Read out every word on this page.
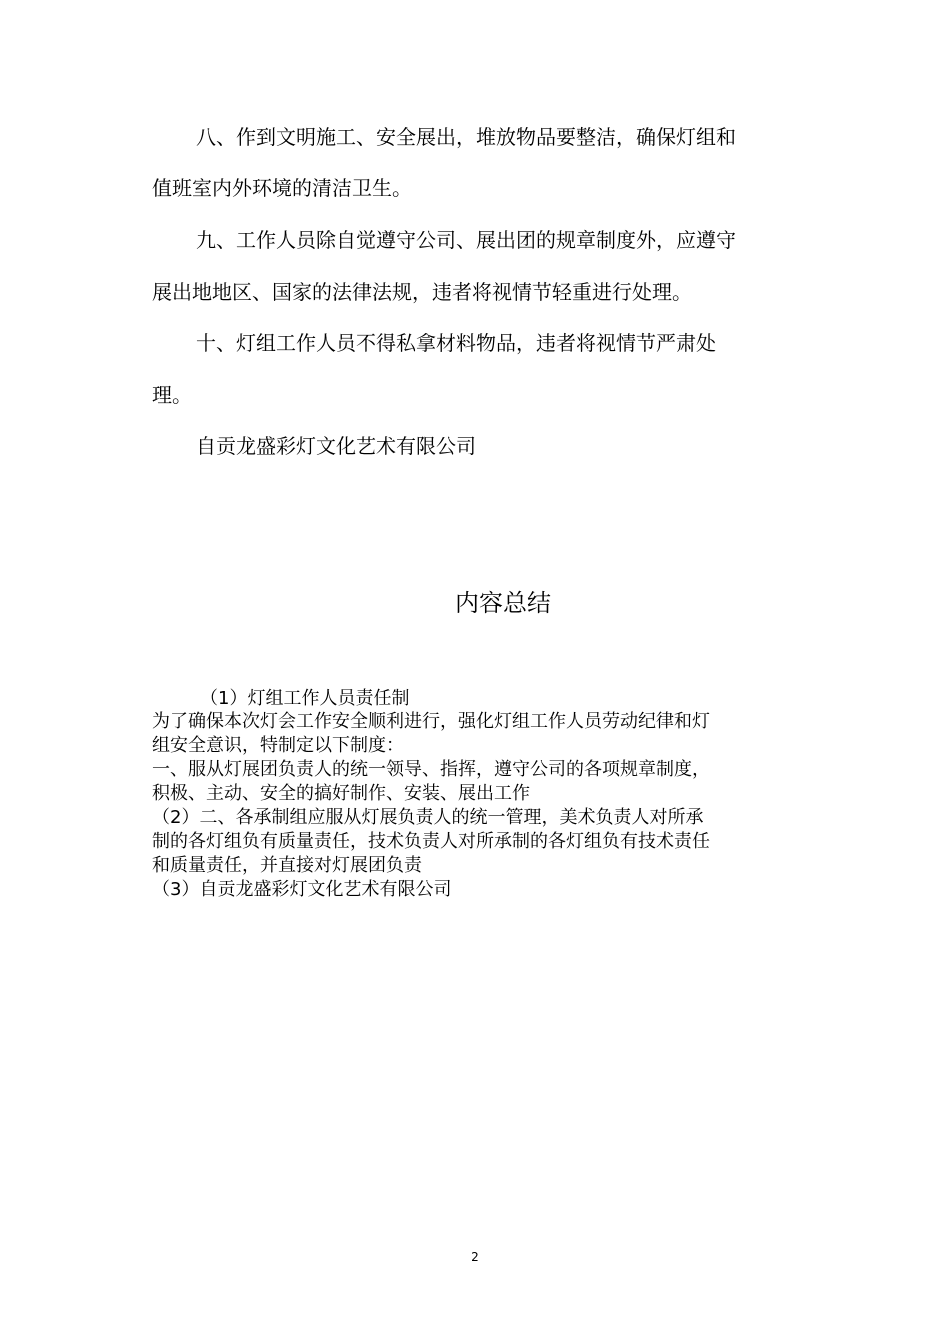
八、作到文明施工、安全展出，堆放物品要整洁，确保灯组和
值班室内外环境的清洁卫生。
九、工作人员除自觉遵守公司、展出团的规章制度外，应遵守
展出地地区、国家的法律法规，违者将视情节轻重进行处理。
十、灯组工作人员不得私拿材料物品，违者将视情节严肃处
理。
自贡龙盛彩灯文化艺术有限公司
内容总结
（1）灯组工作人员责任制
为了确保本次灯会工作安全顺利进行，强化灯组工作人员劳动纪律和灯
组安全意识，特制定以下制度：
一、服从灯展团负责人的统一领导、指挥，遵守公司的各项规章制度，
积极、主动、安全的搞好制作、安装、展出工作
（2）二、各承制组应服从灯展负责人的统一管理，美术负责人对所承
制的各灯组负有质量责任，技术负责人对所承制的各灯组负有技术责任
和质量责任，并直接对灯展团负责
（3）自贡龙盛彩灯文化艺术有限公司
2
